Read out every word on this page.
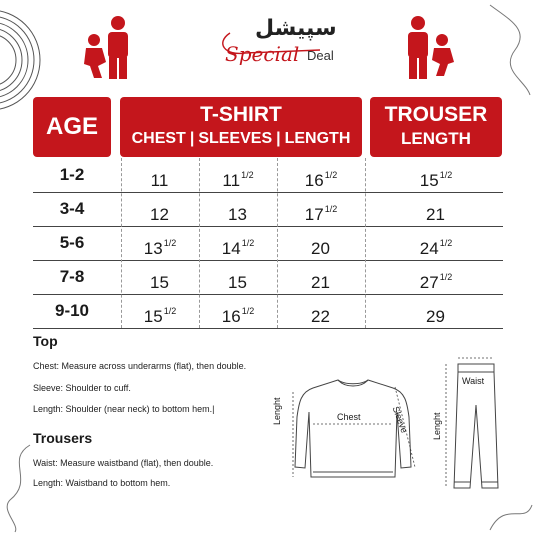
سپیشل
Special Deal
AGE	T-SHIRT
CHEST | SLEEVES | LENGTH
TROUSER
LENGTH
1-2	11	$11^{1/2}$	$16^{1/2}$	$15^{1/2}$
3-4	12	13	$17^{1/2}$	21
5-6	$13^{1/2}$	$14^{1/2}$	20	$24^{1/2}$
7-8	15	15	21	$27^{1/2}$
9-10	$15^{1/2}$	$16^{1/2}$	22	29
Top
Chest: Measure across underarms (flat), then double.
Sleeve: Shoulder to cuff.
Length: Shoulder (near neck) to bottom hem.|
Trousers
Waist: Measure waistband (flat), then double.
Length: Waistband to bottom hem.
Chest
Lenght	Sleeve
Waist
Lenght
